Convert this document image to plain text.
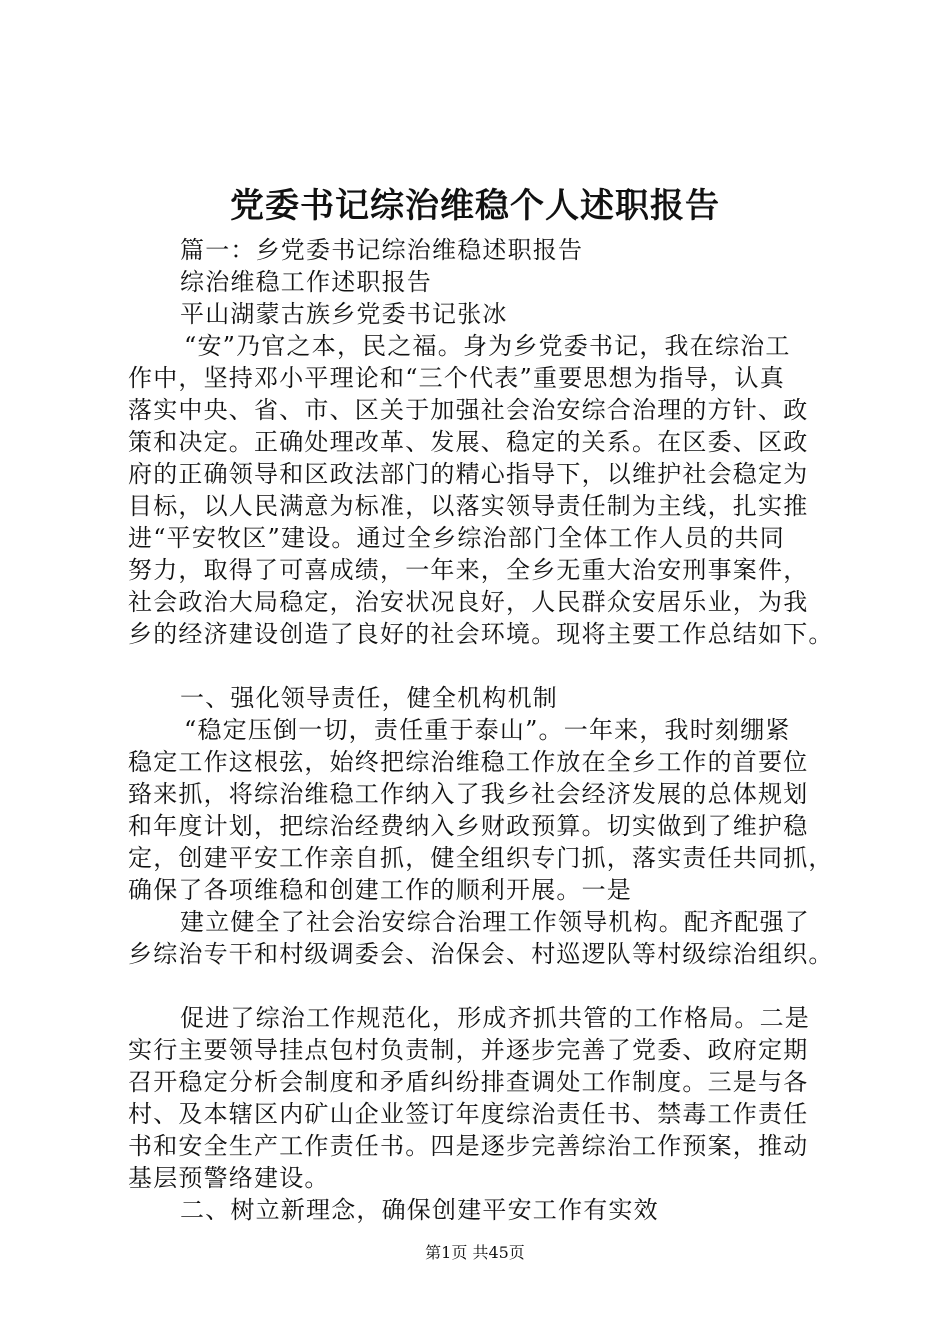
党委书记综治维稳个人述职报告
篇一：乡党委书记综治维稳述职报告
综治维稳工作述职报告
平山湖蒙古族乡党委书记张冰
“安”乃官之本，民之福。身为乡党委书记，我在综治工
作中，坚持邓小平理论和“三个代表”重要思想为指导，认真
落实中央、省、市、区关于加强社会治安综合治理的方针、政
策和决定。正确处理改革、发展、稳定的关系。在区委、区政
府的正确领导和区政法部门的精心指导下，以维护社会稳定为
目标，以人民满意为标准，以落实领导责任制为主线，扎实推
进“平安牧区”建设。通过全乡综治部门全体工作人员的共同
努力，取得了可喜成绩，一年来，全乡无重大治安刑事案件，
社会政治大局稳定，治安状况良好，人民群众安居乐业，为我
乡的经济建设创造了良好的社会环境。现将主要工作总结如下。
一、强化领导责任，健全机构机制
“稳定压倒一切，责任重于泰山”。一年来，我时刻绷紧
稳定工作这根弦，始终把综治维稳工作放在全乡工作的首要位
臵来抓，将综治维稳工作纳入了我乡社会经济发展的总体规划
和年度计划，把综治经费纳入乡财政预算。切实做到了维护稳
定，创建平安工作亲自抓，健全组织专门抓，落实责任共同抓，
确保了各项维稳和创建工作的顺利开展。一是
建立健全了社会治安综合治理工作领导机构。配齐配强了
乡综治专干和村级调委会、治保会、村巡逻队等村级综治组织。
促进了综治工作规范化，形成齐抓共管的工作格局。二是
实行主要领导挂点包村负责制，并逐步完善了党委、政府定期
召开稳定分析会制度和矛盾纠纷排查调处工作制度。三是与各
村、及本辖区内矿山企业签订年度综治责任书、禁毒工作责任
书和安全生产工作责任书。四是逐步完善综治工作预案，推动
基层预警络建设。
二、树立新理念，确保创建平安工作有实效
第1页 共45页
